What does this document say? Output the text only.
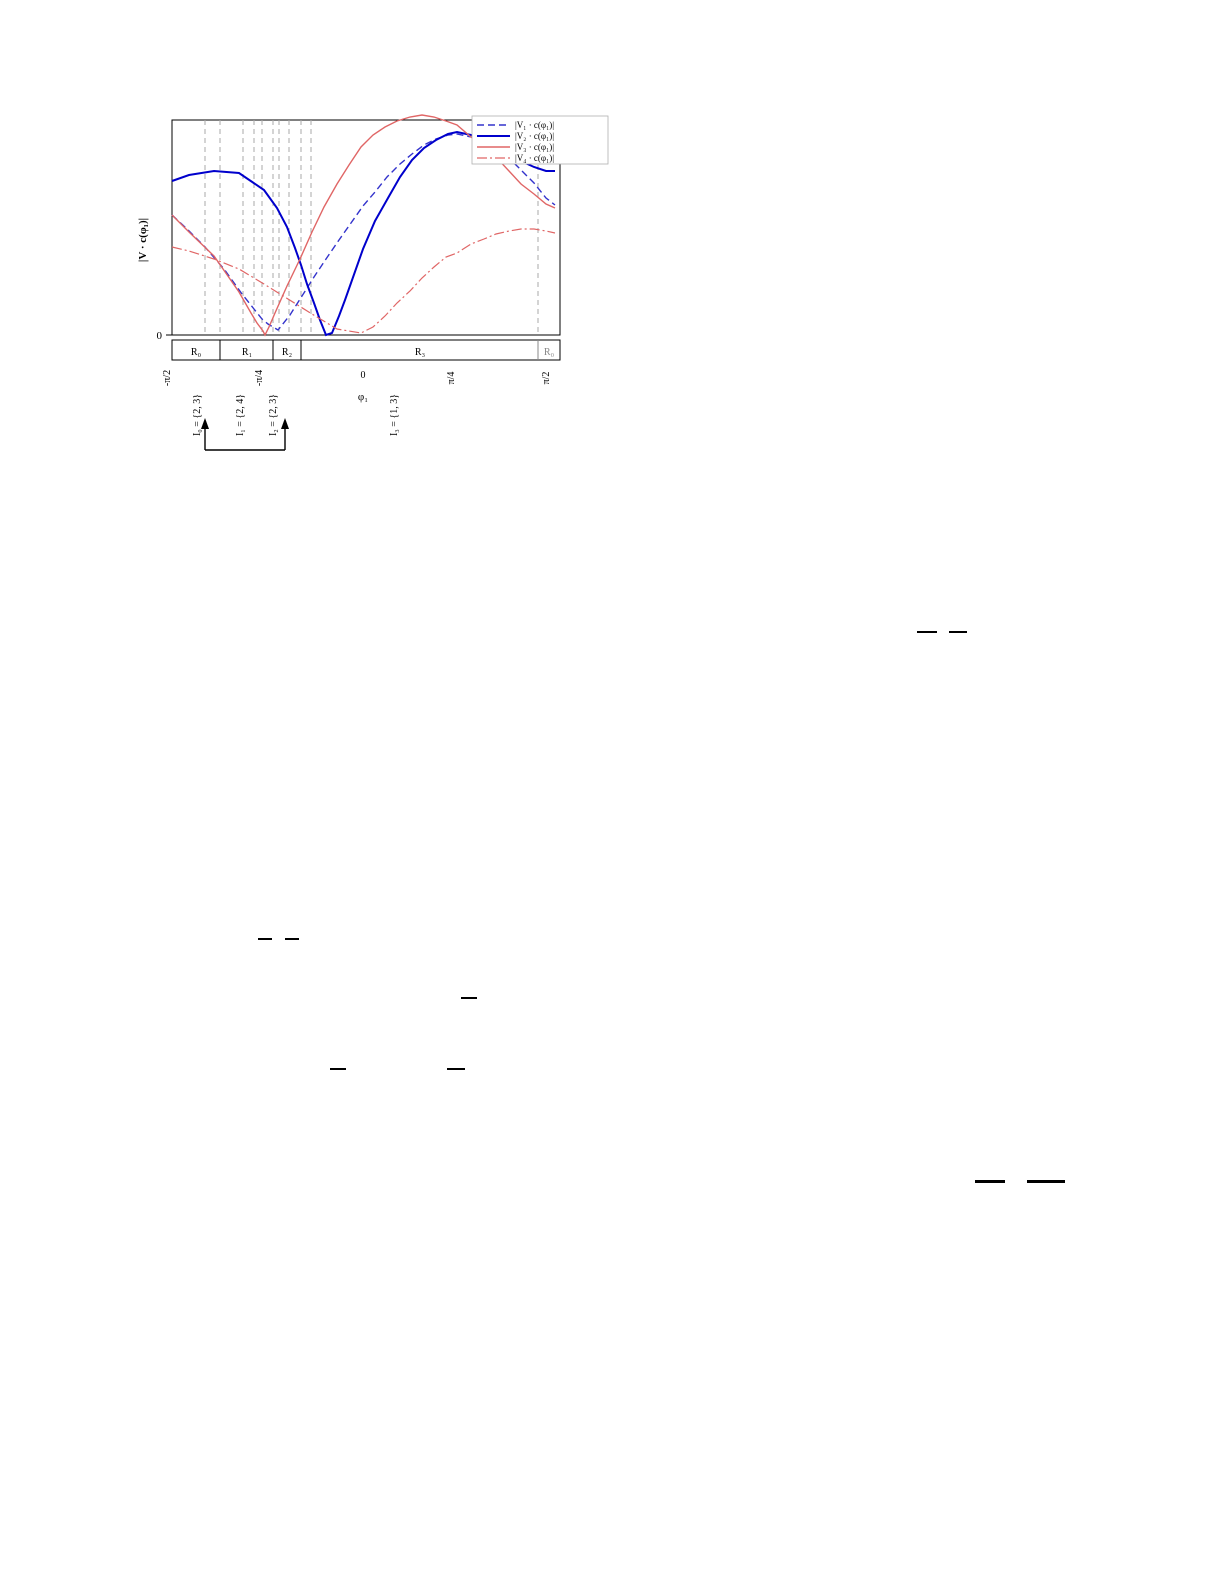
0
|V · c(φ₁)|
R₀	R₁	R₂	R₃	R₀
-π/2	-π/4	0	π/4	π/2
φ₁
I₀ = {2, 3}	I₁ = {2, 4} I₂ = {2, 3}	I₃ = {1, 3}
|V₁ · c(φ₁)|
|V₂ · c(φ₁)|
|V₃ · c(φ₁)|
|V₄ · c(φ₁)|
